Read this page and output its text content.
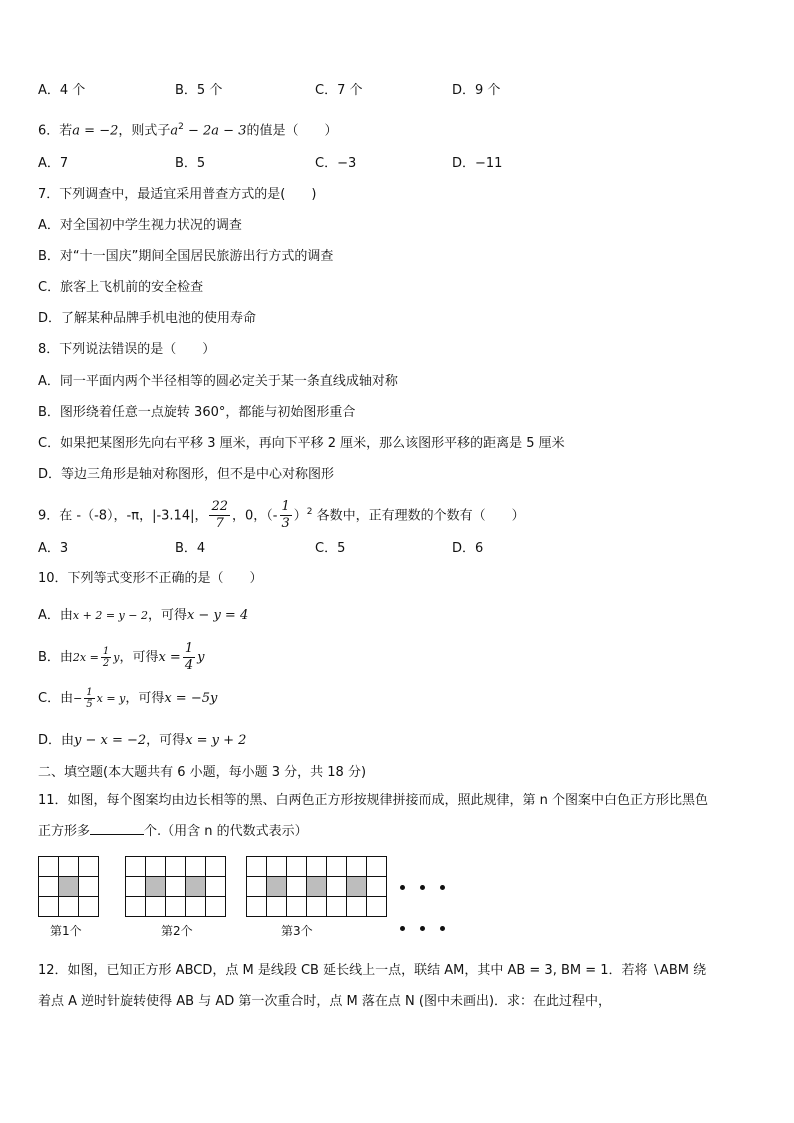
A．4 个	B．5 个	C．7 个	D．9 个
6．若a = −2，则式子$a^2 - 2a - 3$的值是（　　）
A．7	B．5	C．−3	D．−11
7．下列调查中，最适宜采用普查方式的是(　　)
A．对全国初中学生视力状况的调查
B．对“十一国庆”期间全国居民旅游出行方式的调查
C．旅客上飞机前的安全检查
D．了解某种品牌手机电池的使用寿命
8．下列说法错误的是（　　）
A．同一平面内两个半径相等的圆必定关于某一条直线成轴对称
B．图形绕着任意一点旋转 360°，都能与初始图形重合
C．如果把某图形先向右平移 3 厘米，再向下平移 2 厘米，那么该图形平移的距离是 5 厘米
D．等边三角形是轴对称图形，但不是中心对称图形
9．在 -（-8），-π，|-3.14|， $\frac{22}{7}$ ，0，（- $\frac{1}{3} )^2$ 各数中，正有理数的个数有（　　）
A．3	B．4	C．5	D．6
10．下列等式变形不正确的是（　　）
A．由x + 2 = y − 2，可得x − y = 4
B．由$2x = \frac{1}{2}$ y，可得$x = \frac{1}{4}$ y
C．由− $\frac{1}{5}$ x = y，可得x = −5y
D．由y − x = −2，可得x = y + 2
二、填空题(本大题共有 6 小题，每小题 3 分，共 18 分)
11．如图，每个图案均由边长相等的黑、白两色正方形按规律拼接而成，照此规律，第 n 个图案中白色正方形比黑色
正方形多	个.（用含 n 的代数式表示）
第1个	第2个	第3个
12．如图，已知正方形 ABCD，点 M 是线段 CB 延长线上一点，联结 AM，其中 AB = 3, BM = 1．若将 ∖ABM 绕
着点 A 逆时针旋转使得 AB 与 AD 第一次重合时，点 M 落在点 N (图中未画出)．求：在此过程中，
